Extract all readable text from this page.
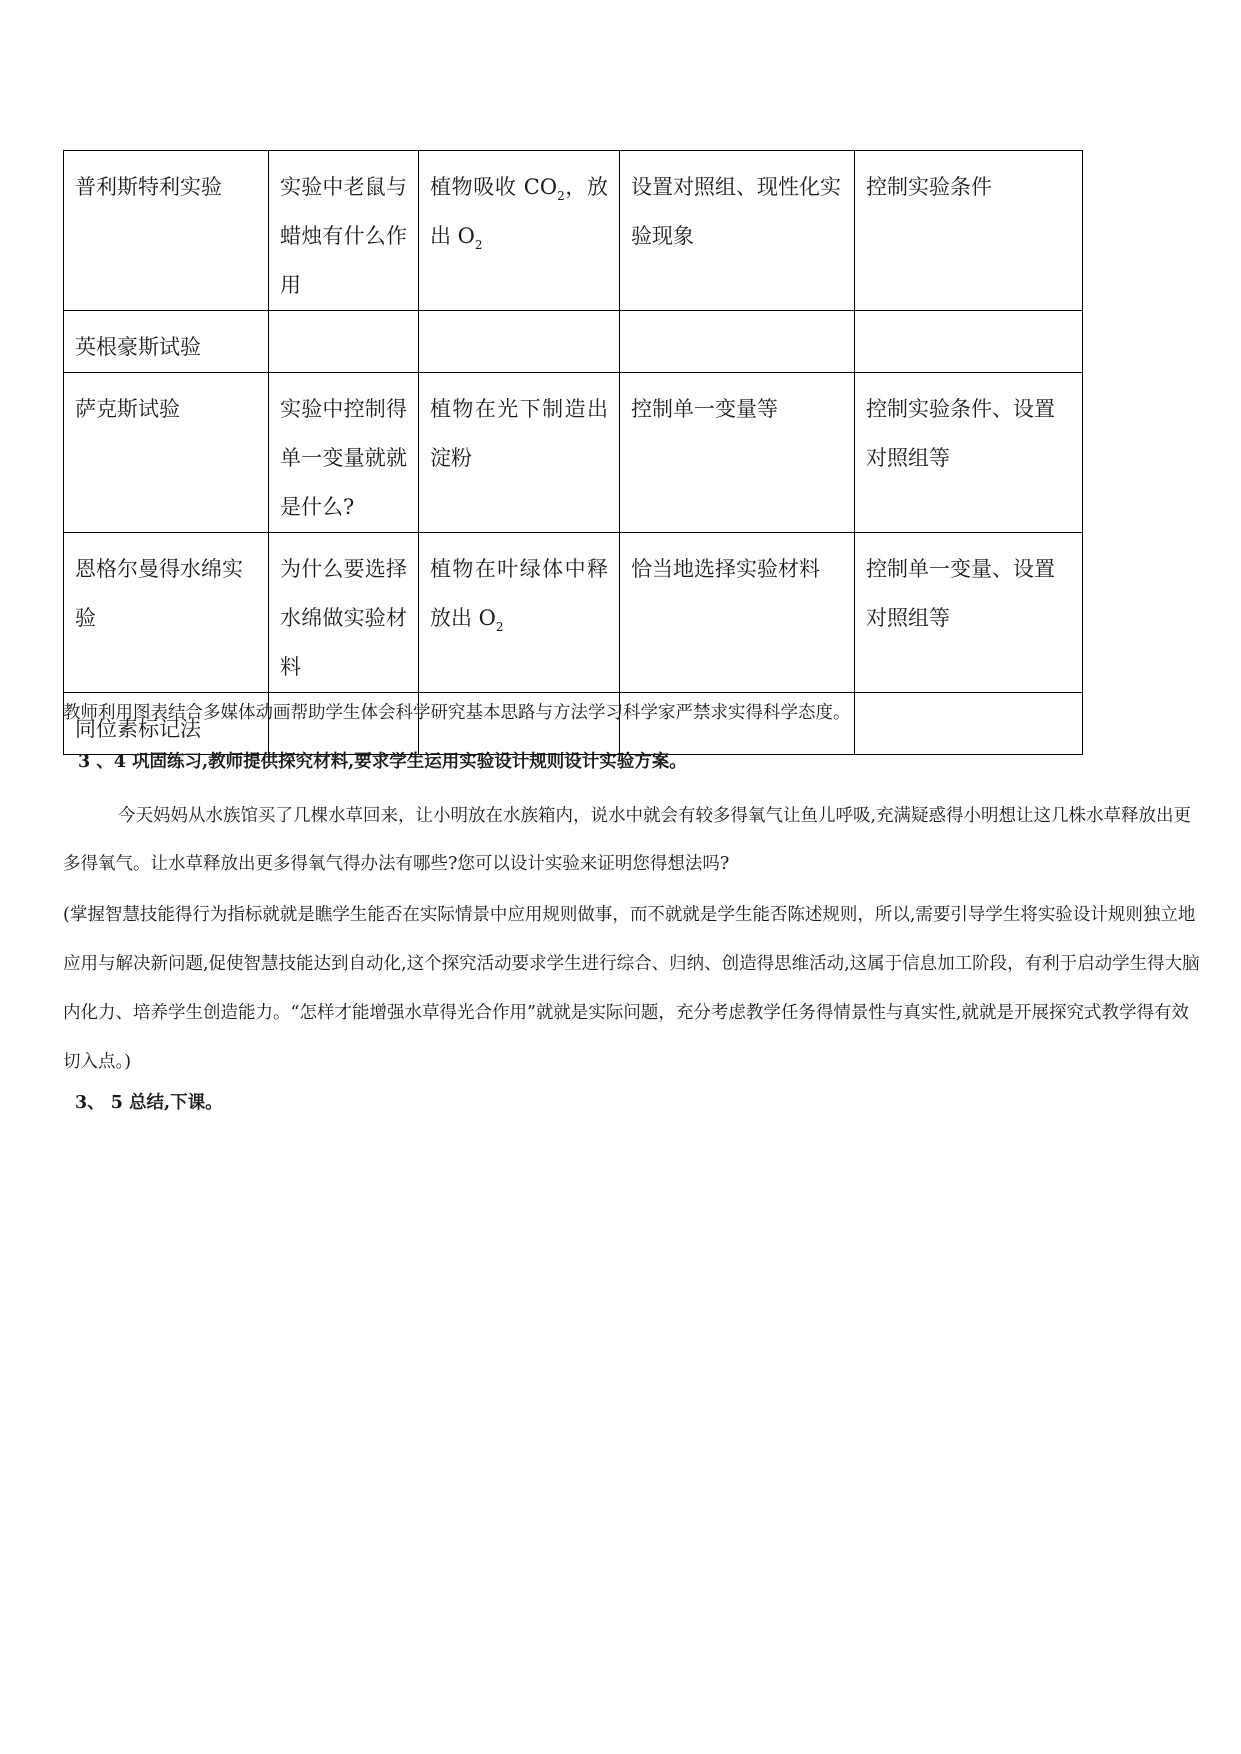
普利斯特利实验	实验中老鼠与蜡烛有什么作用	植物吸收 $CO_2$，放出 $O_2$	设置对照组、现性化实验现象	控制实验条件
英根豪斯试验				
萨克斯试验	实验中控制得单一变量就就是什么?	植物在光下制造出淀粉	控制单一变量等	控制实验条件、设置对照组等
恩格尔曼得水绵实验	为什么要选择水绵做实验材料	植物在叶绿体中释放出 $O_2$	恰当地选择实验材料	控制单一变量、设置对照组等
同位素标记法				

教师利用图表结合多媒体动画帮助学生体会科学研究基本思路与方法学习科学家严禁求实得科学态度。

3 、4 巩固练习,教师提供探究材料,要求学生运用实验设计规则设计实验方案。

今天妈妈从水族馆买了几棵水草回来，让小明放在水族箱内，说水中就会有较多得氧气让鱼儿呼吸,充满疑惑得小明想让这几株水草释放出更多得氧气。让水草释放出更多得氧气得办法有哪些?您可以设计实验来证明您得想法吗?

(掌握智慧技能得行为指标就就是瞧学生能否在实际情景中应用规则做事，而不就就是学生能否陈述规则，所以,需要引导学生将实验设计规则独立地应用与解决新问题,促使智慧技能达到自动化,这个探究活动要求学生进行综合、归纳、创造得思维活动,这属于信息加工阶段，有利于启动学生得大脑内化力、培养学生创造能力。“怎样才能增强水草得光合作用”就就是实际问题，充分考虑教学任务得情景性与真实性,就就是开展探究式教学得有效切入点。)

3、 5 总结,下课。
